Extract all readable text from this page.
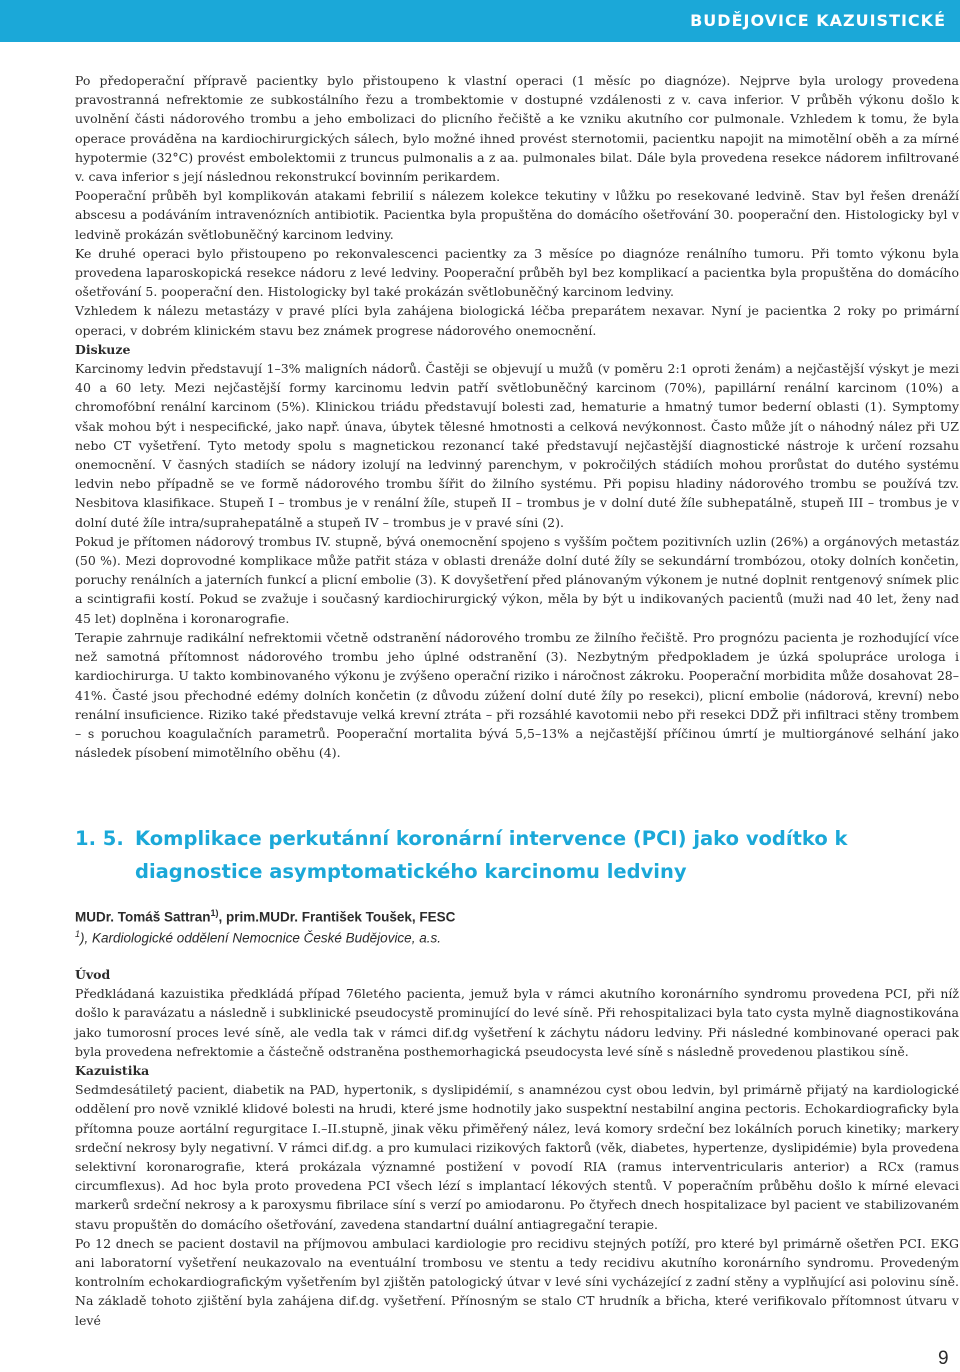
BUDĚJOVICE KAZUISTICKÉ

Po předoperační přípravě pacientky bylo přistoupeno k vlastní operaci (1 měsíc po diagnóze). Nejprve byla urology provedena pravostranná nefrektomie ze subkostálního řezu a trombektomie v dostupné vzdálenosti z v. cava inferior. V průběh výkonu došlo k uvolnění části nádorového trombu a jeho embolizaci do plicního řečiště a ke vzniku akutního cor pulmonale. Vzhledem k tomu, že byla operace prováděna na kardiochirurgických sálech, bylo možné ihned provést sternotomii, pacientku napojit na mimotělní oběh a za mírné hypotermie (32°C) provést embolektomii z truncus pulmonalis a z aa. pulmonales bilat. Dále byla provedena resekce nádorem infiltrované v. cava inferior s její následnou rekonstrukcí bovinním perikardem.

Pooperační průběh byl komplikován atakami febrilií s nálezem kolekce tekutiny v lůžku po resekované ledvině. Stav byl řešen drenáží abscesu a podáváním intravenózních antibiotik. Pacientka byla propuštěna do domácího ošetřování 30. pooperační den. Histologicky byl v ledvině prokázán světlobuněčný karcinom ledviny.

Ke druhé operaci bylo přistoupeno po rekonvalescenci pacientky za 3 měsíce po diagnóze renálního tumoru. Při tomto výkonu byla provedena laparoskopická resekce nádoru z levé ledviny. Pooperační průběh byl bez komplikací a pacientka byla propuštěna do domácího ošetřování 5. pooperační den. Histologicky byl také prokázán světlobuněčný karcinom ledviny.

Vzhledem k nálezu metastázy v pravé plíci byla zahájena biologická léčba preparátem nexavar. Nyní je pacientka 2 roky po primární operaci, v dobrém klinickém stavu bez známek progrese nádorového onemocnění.

Diskuze

Karcinomy ledvin představují 1–3% maligních nádorů. Častěji se objevují u mužů (v poměru 2:1 oproti ženám) a nejčastější výskyt je mezi 40 a 60 lety. Mezi nejčastější formy karcinomu ledvin patří světlobuněčný karcinom (70%), papillární renální karcinom (10%) a chromofóbní renální karcinom (5%). Klinickou triádu představují bolesti zad, hematurie a hmatný tumor bederní oblasti (1). Symptomy však mohou být i nespecifické, jako např. únava, úbytek tělesné hmotnosti a celková nevýkonnost. Často může jít o náhodný nález při UZ nebo CT vyšetření. Tyto metody spolu s magnetickou rezonancí také představují nejčastější diagnostické nástroje k určení rozsahu onemocnění. V časných stadiích se nádory izolují na ledvinný parenchym, v pokročilých stádiích mohou prorůstat do dutého systému ledvin nebo případně se ve formě nádorového trombu šířit do žilního systému. Při popisu hladiny nádorového trombu se používá tzv. Nesbitova klasifikace. Stupeň I – trombus je v renální žíle, stupeň II – trombus je v dolní duté žíle subhepatálně, stupeň III – trombus je v dolní duté žíle intra/suprahepatálně a stupeň IV – trombus je v pravé síni (2).

Pokud je přítomen nádorový trombus IV. stupně, bývá onemocnění spojeno s vyšším počtem pozitivních uzlin (26%) a orgánových metastáz (50 %). Mezi doprovodné komplikace může patřit stáza v oblasti drenáže dolní duté žíly se sekundární trombózou, otoky dolních končetin, poruchy renálních a jaterních funkcí a plicní embolie (3). K dovyšetření před plánovaným výkonem je nutné doplnit rentgenový snímek plic a scintigrafii kostí. Pokud se zvažuje i současný kardiochirurgický výkon, měla by být u indikovaných pacientů (muži nad 40 let, ženy nad 45 let) doplněna i koronarografie.

Terapie zahrnuje radikální nefrektomii včetně odstranění nádorového trombu ze žilního řečiště. Pro prognózu pacienta je rozhodující více než samotná přítomnost nádorového trombu jeho úplné odstranění (3). Nezbytným předpokladem je úzká spolupráce urologa i kardiochirurga. U takto kombinovaného výkonu je zvýšeno operační riziko i náročnost zákroku. Pooperační morbidita může dosahovat 28–41%. Časté jsou přechodné edémy dolních končetin (z důvodu zúžení dolní duté žíly po resekci), plicní embolie (nádorová, krevní) nebo renální insuficience. Riziko také představuje velká krevní ztráta – při rozsáhlé kavotomii nebo při resekci DDŽ při infiltraci stěny trombem – s poruchou koagulačních parametrů. Pooperační mortalita bývá 5,5–13% a nejčastější příčinou úmrtí je multiorgánové selhání jako následek písobení mimotělního oběhu (4).

1. 5. Komplikace perkutánní koronární intervence (PCI) jako vodítko k diagnostice asymptomatického karcinomu ledviny
MUDr. Tomáš Sattran$^{1)}$, prim.MUDr. František Toušek, FESC
$^1$), Kardiologické oddělení Nemocnice České Budějovice, a.s.

Úvod

Předkládaná kazuistika předkládá případ 76letého pacienta, jemuž byla v rámci akutního koronárního syndromu provedena PCI, při níž došlo k paravázatu a následně i subklinické pseudocystě prominující do levé síně. Při rehospitalizaci byla tato cysta mylně diagnostikována jako tumorosní proces levé síně, ale vedla tak v rámci dif.dg vyšetření k záchytu nádoru ledviny. Při následné kombinované operaci pak byla provedena nefrektomie a částečně odstraněna posthemorhagická pseudocysta levé síně s následně provedenou plastikou síně.

Kazuistika

Sedmdesátiletý pacient, diabetik na PAD, hypertonik, s dyslipidémií, s anamnézou cyst obou ledvin, byl primárně přijatý na kardiologické oddělení pro nově vzniklé klidové bolesti na hrudi, které jsme hodnotily jako suspektní nestabilní angina pectoris. Echokardiograficky byla přítomna pouze aortální regurgitace I.–II.stupně, jinak věku přiměřený nález, levá komory srdeční bez lokálních poruch kinetiky; markery srdeční nekrosy byly negativní. V rámci dif.dg. a pro kumulaci rizikových faktorů (věk, diabetes, hypertenze, dyslipidémie) byla provedena selektivní koronarografie, která prokázala významné postižení v povodí RIA (ramus interventricularis anterior) a RCx (ramus circumflexus). Ad hoc byla proto provedena PCI všech lézí s implantací lékových stentů. V poperačním průběhu došlo k mírné elevaci markerů srdeční nekrosy a k paroxysmu fibrilace síní s verzí po amiodaronu. Po čtyřech dnech hospitalizace byl pacient ve stabilizovaném stavu propuštěn do domácího ošetřování, zavedena standartní duální antiagregační terapie.

Po 12 dnech se pacient dostavil na příjmovou ambulaci kardiologie pro recidivu stejných potíží, pro které byl primárně ošetřen PCI. EKG ani laboratorní vyšetření neukazovalo na eventuální trombosu ve stentu a tedy recidivu akutního koronárního syndromu. Provedeným kontrolním echokardiografickým vyšetřením byl zjištěn patologický útvar v levé síni vycházející z zadní stěny a vyplňující asi polovinu síně. Na základě tohoto zjištění byla zahájena dif.dg. vyšetření. Přínosným se stalo CT hrudník a břicha, které verifikovalo přítomnost útvaru v levé

9
